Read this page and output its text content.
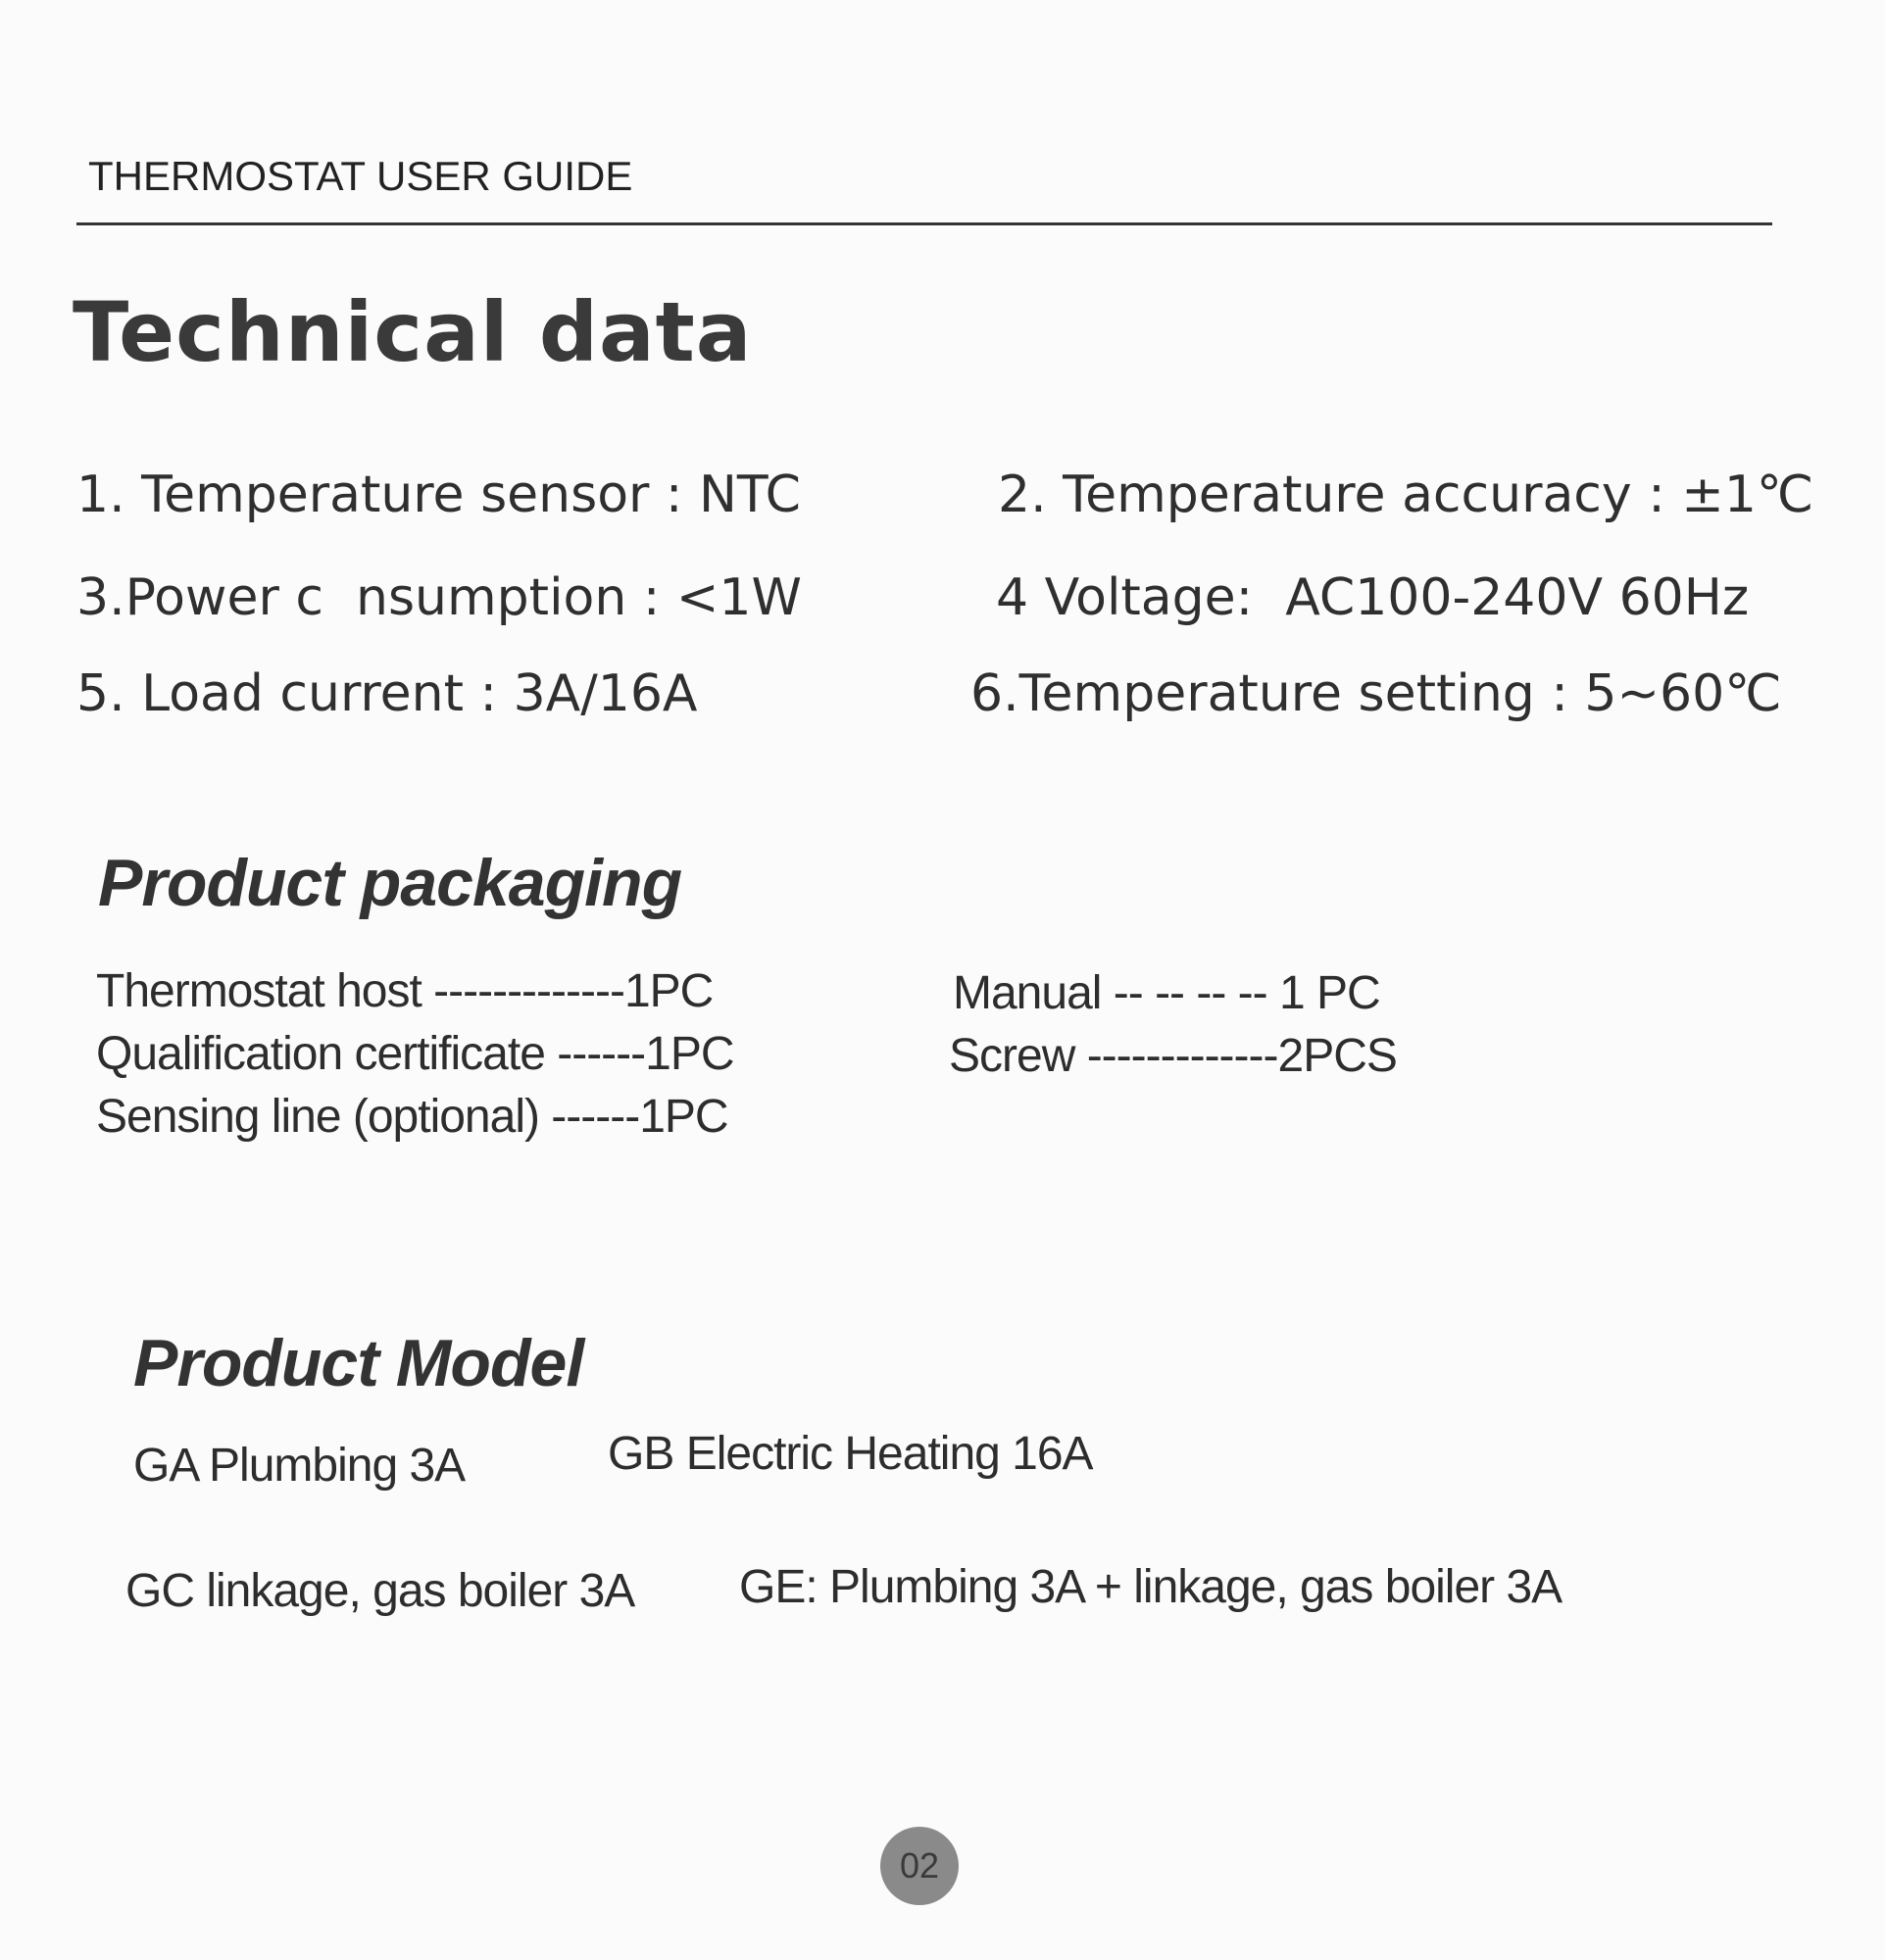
THERMOSTAT USER GUIDE
Technical data
1. Temperature sensor : NTC	2. Temperature accuracy : ±1℃
3.Power c  nsumption : <1W	4 Voltage:  AC100-240V 60Hz
5. Load current : 3A/16A	6.Temperature setting : 5~60℃
Product packaging
Thermostat host -------------1PC
Qualification certificate ------1PC
Sensing line (optional) ------1PC
Manual -- -- -- -- 1 PC
Screw -------------2PCS
Product Model
GA Plumbing 3A	GB Electric Heating 16A
GC linkage, gas boiler 3A GE: Plumbing 3A + linkage, gas boiler 3A
02
